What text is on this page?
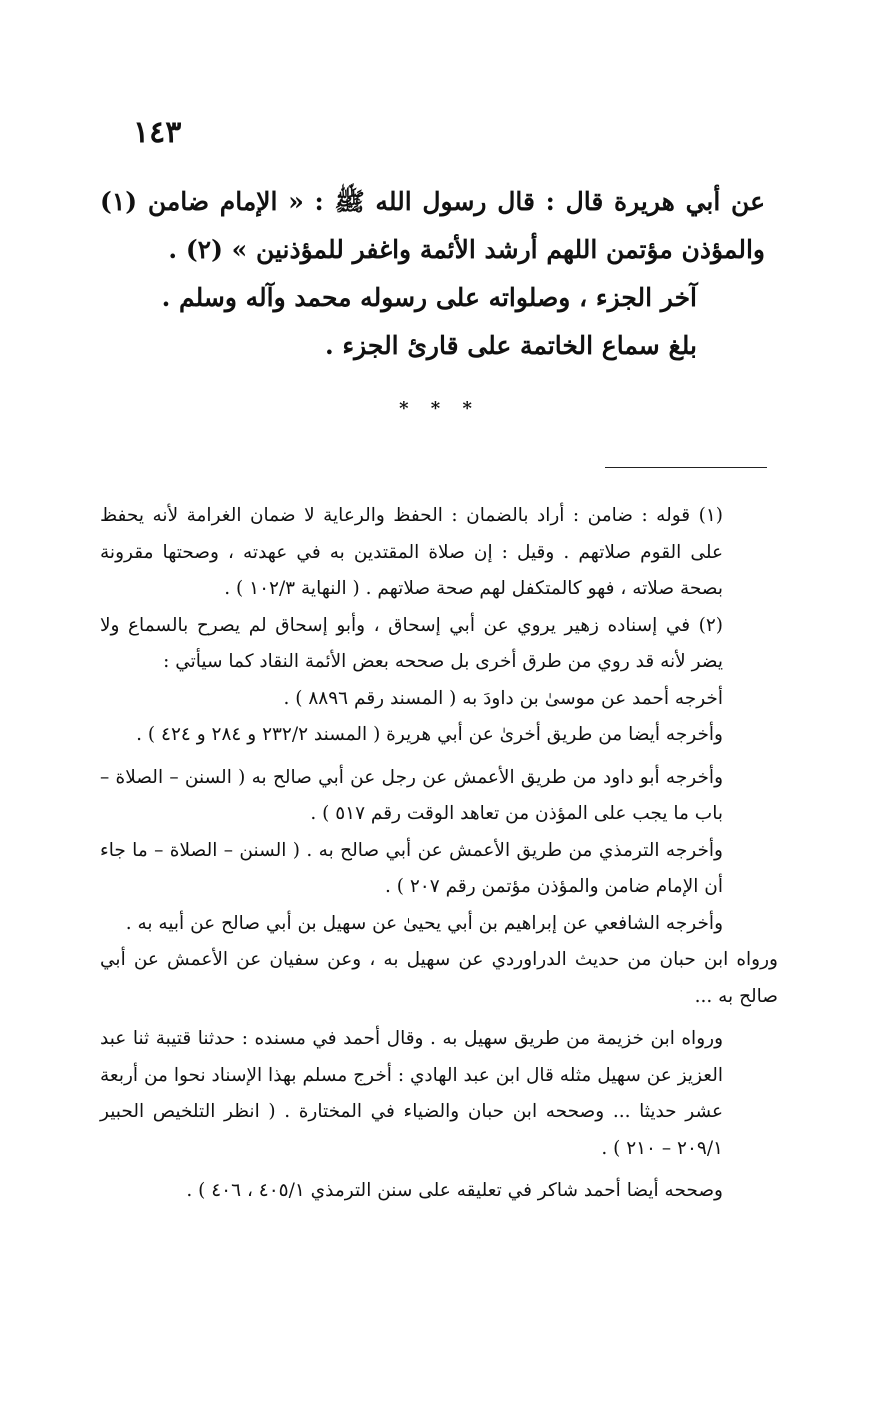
١٤٣

عن أبي هريرة قال : قال رسول الله ﷺ : « الإمام ضامن (١) والمؤذن مؤتمن اللهم أرشد الأئمة واغفر للمؤذنين » (٢) .

آخر الجزء ، وصلواته على رسوله محمد وآله وسلم .

بلغ سماع الخاتمة على قارئ الجزء .

* * *

(١) قوله : ضامن : أراد بالضمان : الحفظ والرعاية لا ضمان الغرامة لأنه يحفظ على القوم صلاتهم . وقيل : إن صلاة المقتدين به في عهدته ، وصحتها مقرونة بصحة صلاته ، فهو كالمتكفل لهم صحة صلاتهم . ( النهاية ١٠٢/٣ ) .

(٢) في إسناده زهير يروي عن أبي إسحاق ، وأبو إسحاق لم يصرح بالسماع ولا يضر لأنه قد روي من طرق أخرى بل صححه بعض الأئمة النقاد كما سيأتي :

أخرجه أحمد عن موسىٰ بن داودَ به ( المسند رقم ٨٨٩٦ ) .

وأخرجه أيضا من طريق أخرىٰ عن أبي هريرة ( المسند ٢٣٢/٢ و ٢٨٤ و ٤٢٤ ) .

وأخرجه أبو داود من طريق الأعمش عن رجل عن أبي صالح به ( السنن – الصلاة – باب ما يجب على المؤذن من تعاهد الوقت رقم ٥١٧ ) .

وأخرجه الترمذي من طريق الأعمش عن أبي صالح به . ( السنن – الصلاة – ما جاء أن الإمام ضامن والمؤذن مؤتمن رقم ٢٠٧ ) .

وأخرجه الشافعي عن إبراهيم بن أبي يحيىٰ عن سهيل بن أبي صالح عن أبيه به .

ورواه ابن حبان من حديث الدراوردي عن سهيل به ، وعن سفيان عن الأعمش عن أبي صالح به ...

ورواه ابن خزيمة من طريق سهيل به . وقال أحمد في مسنده : حدثنا قتيبة ثنا عبد العزيز عن سهيل مثله قال ابن عبد الهادي : أخرج مسلم بهذا الإسناد نحوا من أربعة عشر حديثا ... وصححه ابن حبان والضياء في المختارة . ( انظر التلخيص الحبير ٢٠٩/١ – ٢١٠ ) .

وصححه أيضا أحمد شاكر في تعليقه على سنن الترمذي ٤٠٥/١ ، ٤٠٦ ) .
